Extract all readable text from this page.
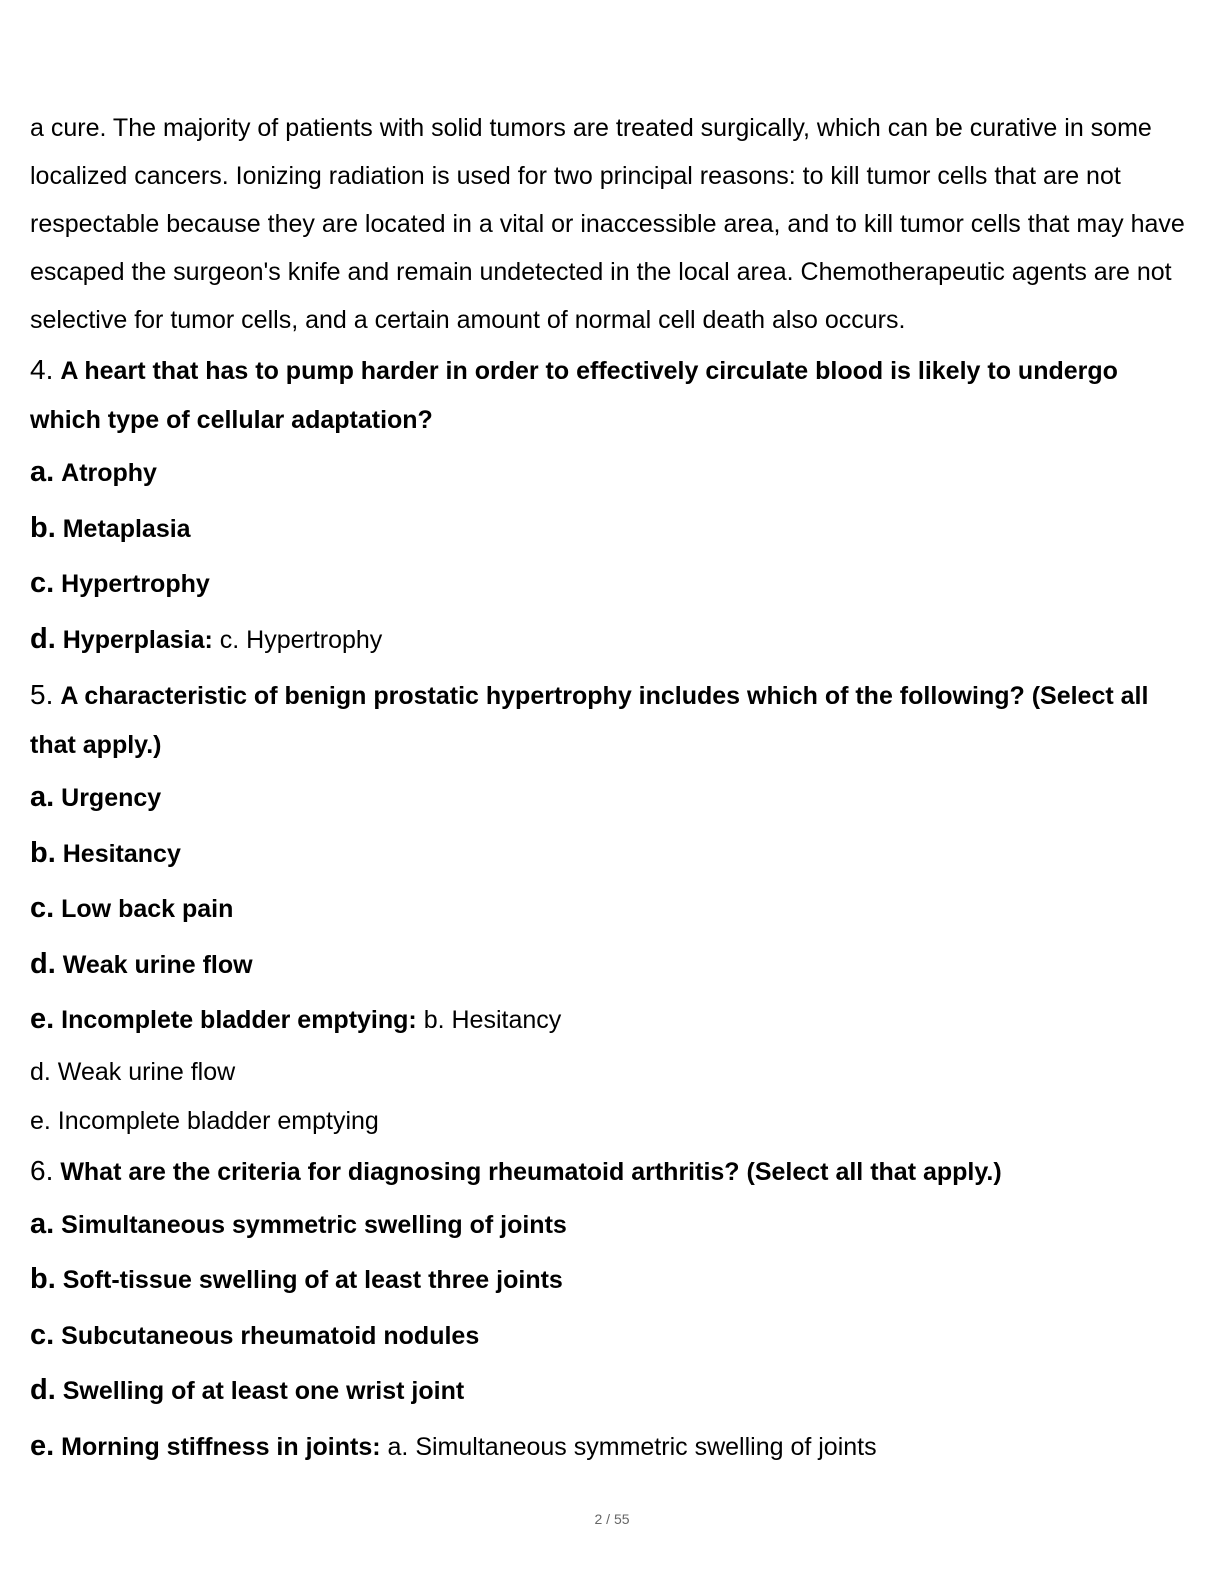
a cure. The majority of patients with solid tumors are treated surgically, which can be curative in some localized cancers. Ionizing radiation is used for two principal reasons: to kill tumor cells that are not respectable because they are located in a vital or inaccessible area, and to kill tumor cells that may have escaped the surgeon's knife and remain undetected in the local area. Chemotherapeutic agents are not selective for tumor cells, and a certain amount of normal cell death also occurs.

4. A heart that has to pump harder in order to effectively circulate blood is likely to undergo which type of cellular adaptation?

a. Atrophy

b. Metaplasia

c. Hypertrophy

d. Hyperplasia: c. Hypertrophy

5. A characteristic of benign prostatic hypertrophy includes which of the following? (Select all that apply.)

a. Urgency

b. Hesitancy

c. Low back pain

d. Weak urine flow

e. Incomplete bladder emptying: b. Hesitancy

d. Weak urine flow

e. Incomplete bladder emptying

6. What are the criteria for diagnosing rheumatoid arthritis? (Select all that apply.)

a. Simultaneous symmetric swelling of joints

b. Soft-tissue swelling of at least three joints

c. Subcutaneous rheumatoid nodules

d. Swelling of at least one wrist joint

e. Morning stiffness in joints: a. Simultaneous symmetric swelling of joints

2 / 55
